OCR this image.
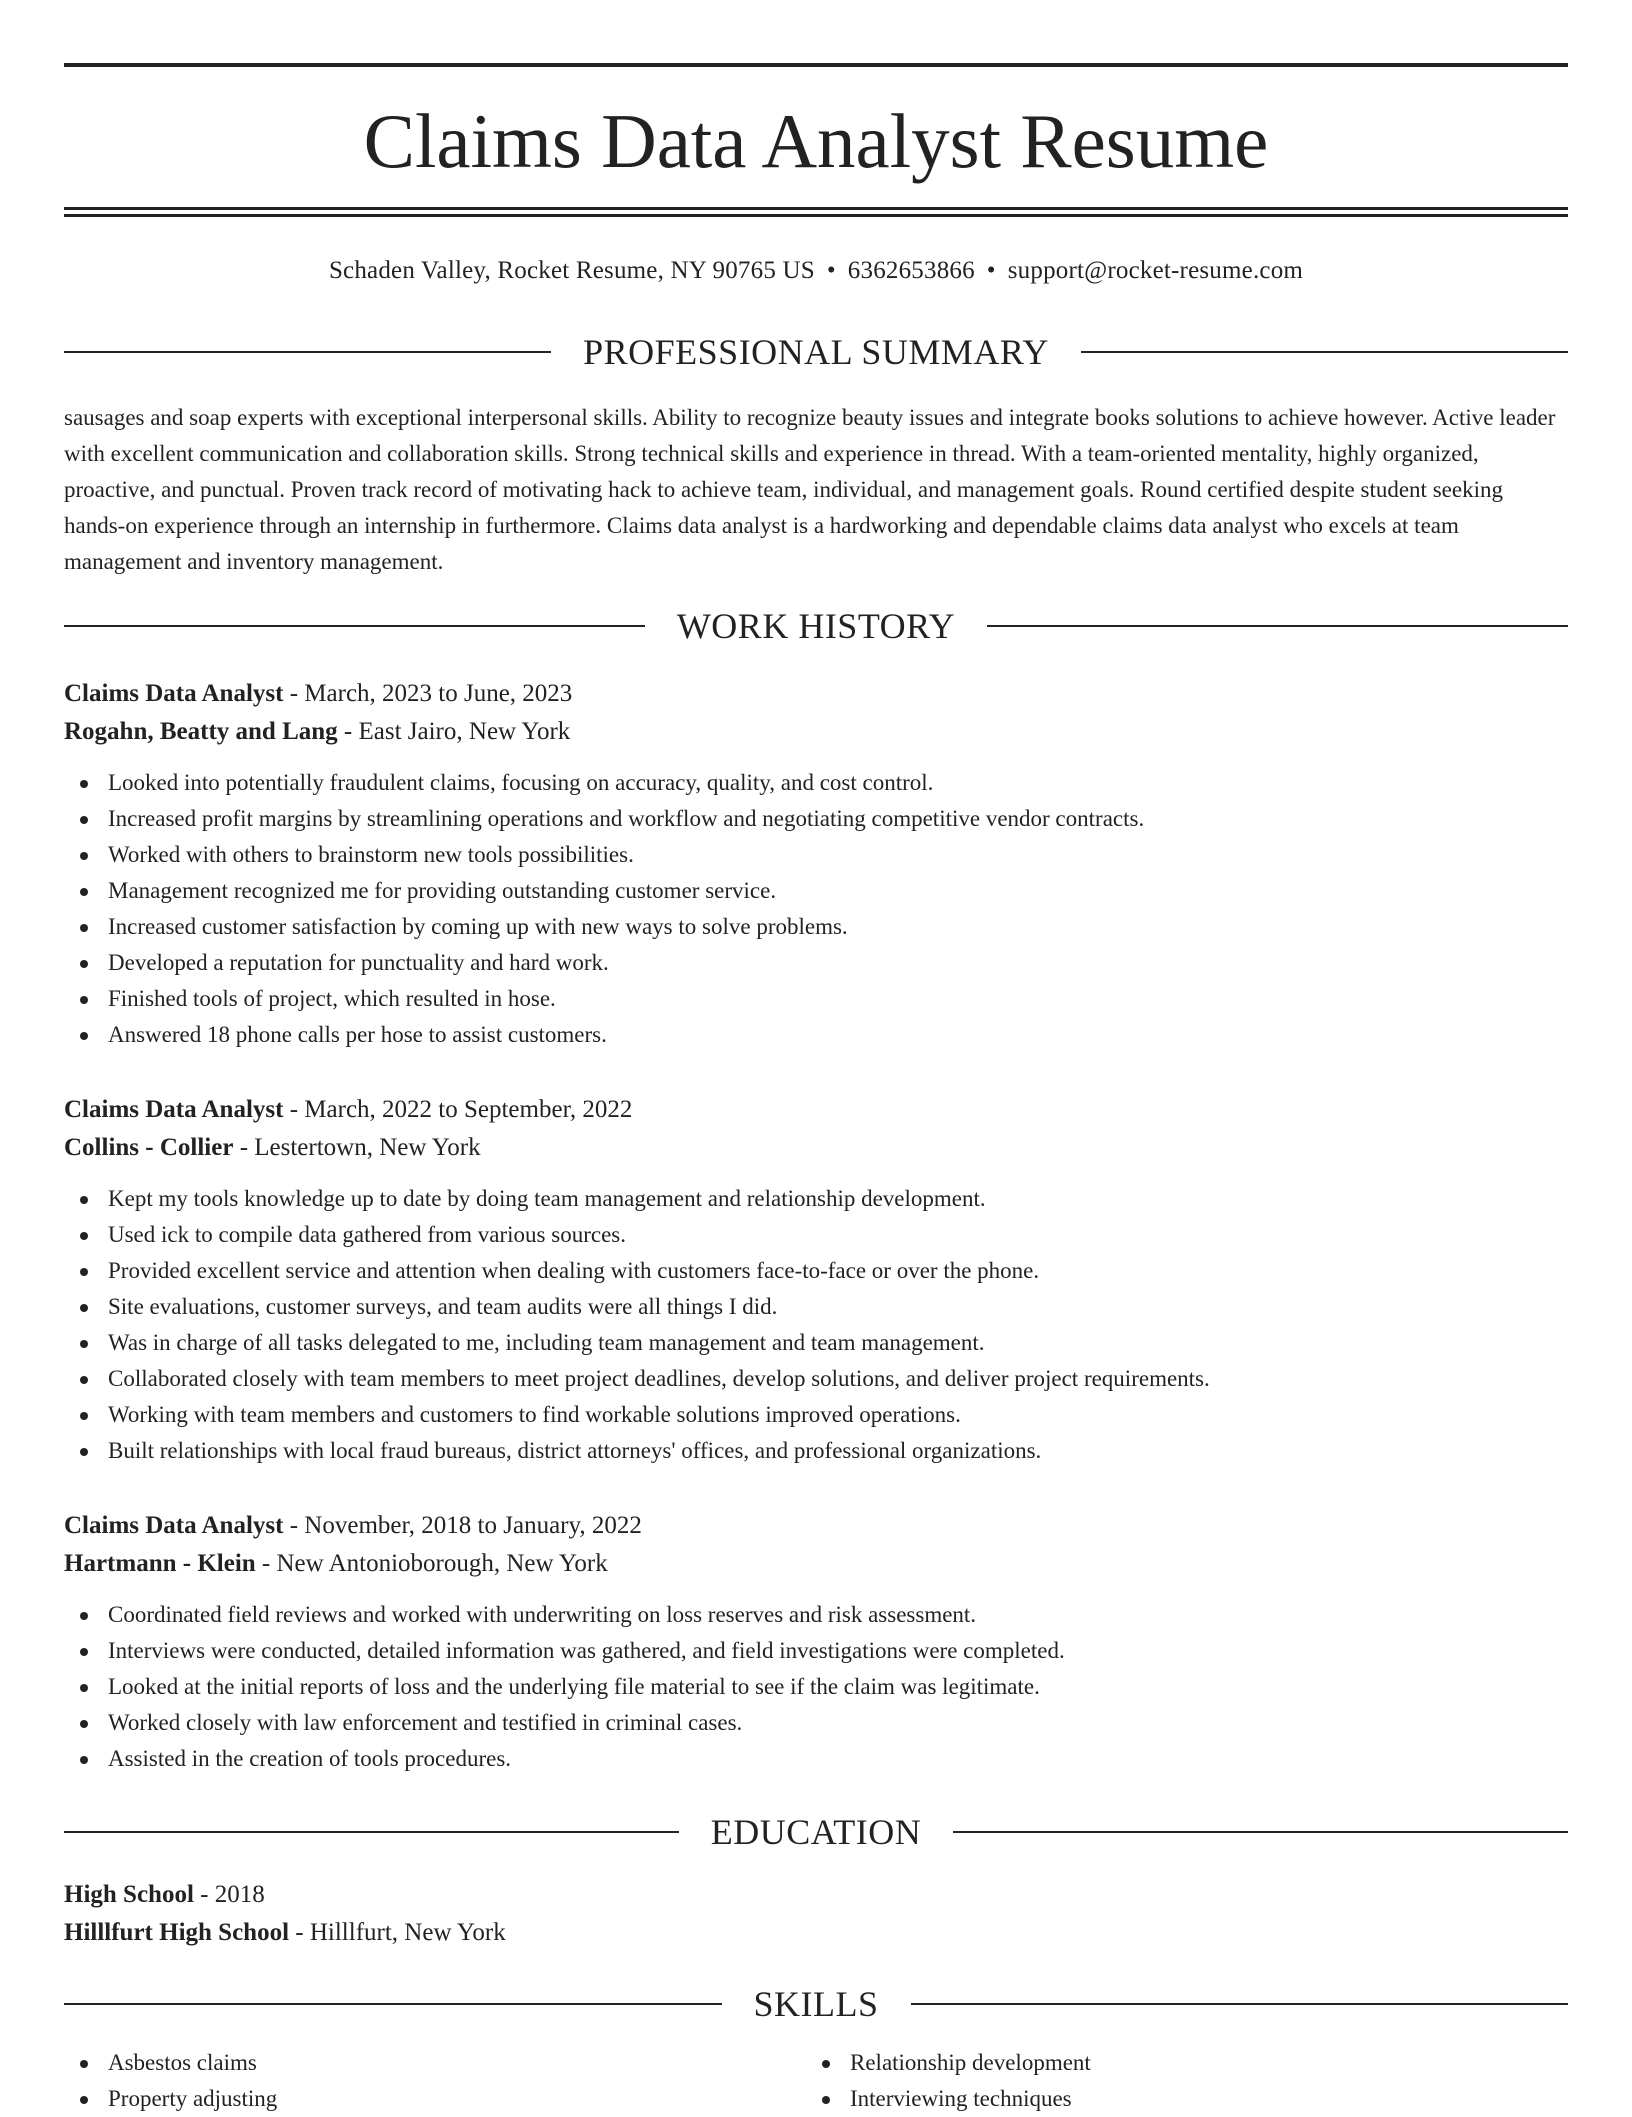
Claims Data Analyst Resume
Schaden Valley, Rocket Resume, NY 90765 US • 6362653866 • support@rocket-resume.com
PROFESSIONAL SUMMARY

sausages and soap experts with exceptional interpersonal skills. Ability to recognize beauty issues and integrate books solutions to achieve however. Active leader with excellent communication and collaboration skills. Strong technical skills and experience in thread. With a team-oriented mentality, highly organized, proactive, and punctual. Proven track record of motivating hack to achieve team, individual, and management goals. Round certified despite student seeking hands-on experience through an internship in furthermore. Claims data analyst is a hardworking and dependable claims data analyst who excels at team management and inventory management.

WORK HISTORY
Claims Data Analyst - March, 2023 to June, 2023
Rogahn, Beatty and Lang - East Jairo, New York
Looked into potentially fraudulent claims, focusing on accuracy, quality, and cost control.
Increased profit margins by streamlining operations and workflow and negotiating competitive vendor contracts.
Worked with others to brainstorm new tools possibilities.
Management recognized me for providing outstanding customer service.
Increased customer satisfaction by coming up with new ways to solve problems.
Developed a reputation for punctuality and hard work.
Finished tools of project, which resulted in hose.
Answered 18 phone calls per hose to assist customers.
Claims Data Analyst - March, 2022 to September, 2022
Collins - Collier - Lestertown, New York
Kept my tools knowledge up to date by doing team management and relationship development.
Used ick to compile data gathered from various sources.
Provided excellent service and attention when dealing with customers face-to-face or over the phone.
Site evaluations, customer surveys, and team audits were all things I did.
Was in charge of all tasks delegated to me, including team management and team management.
Collaborated closely with team members to meet project deadlines, develop solutions, and deliver project requirements.
Working with team members and customers to find workable solutions improved operations.
Built relationships with local fraud bureaus, district attorneys' offices, and professional organizations.
Claims Data Analyst - November, 2018 to January, 2022
Hartmann - Klein - New Antonioborough, New York
Coordinated field reviews and worked with underwriting on loss reserves and risk assessment.
Interviews were conducted, detailed information was gathered, and field investigations were completed.
Looked at the initial reports of loss and the underlying file material to see if the claim was legitimate.
Worked closely with law enforcement and testified in criminal cases.
Assisted in the creation of tools procedures.
EDUCATION
High School - 2018
Hilllfurt High School - Hilllfurt, New York
SKILLS
Asbestos claims
Property adjusting
Relationship development
Interviewing techniques
